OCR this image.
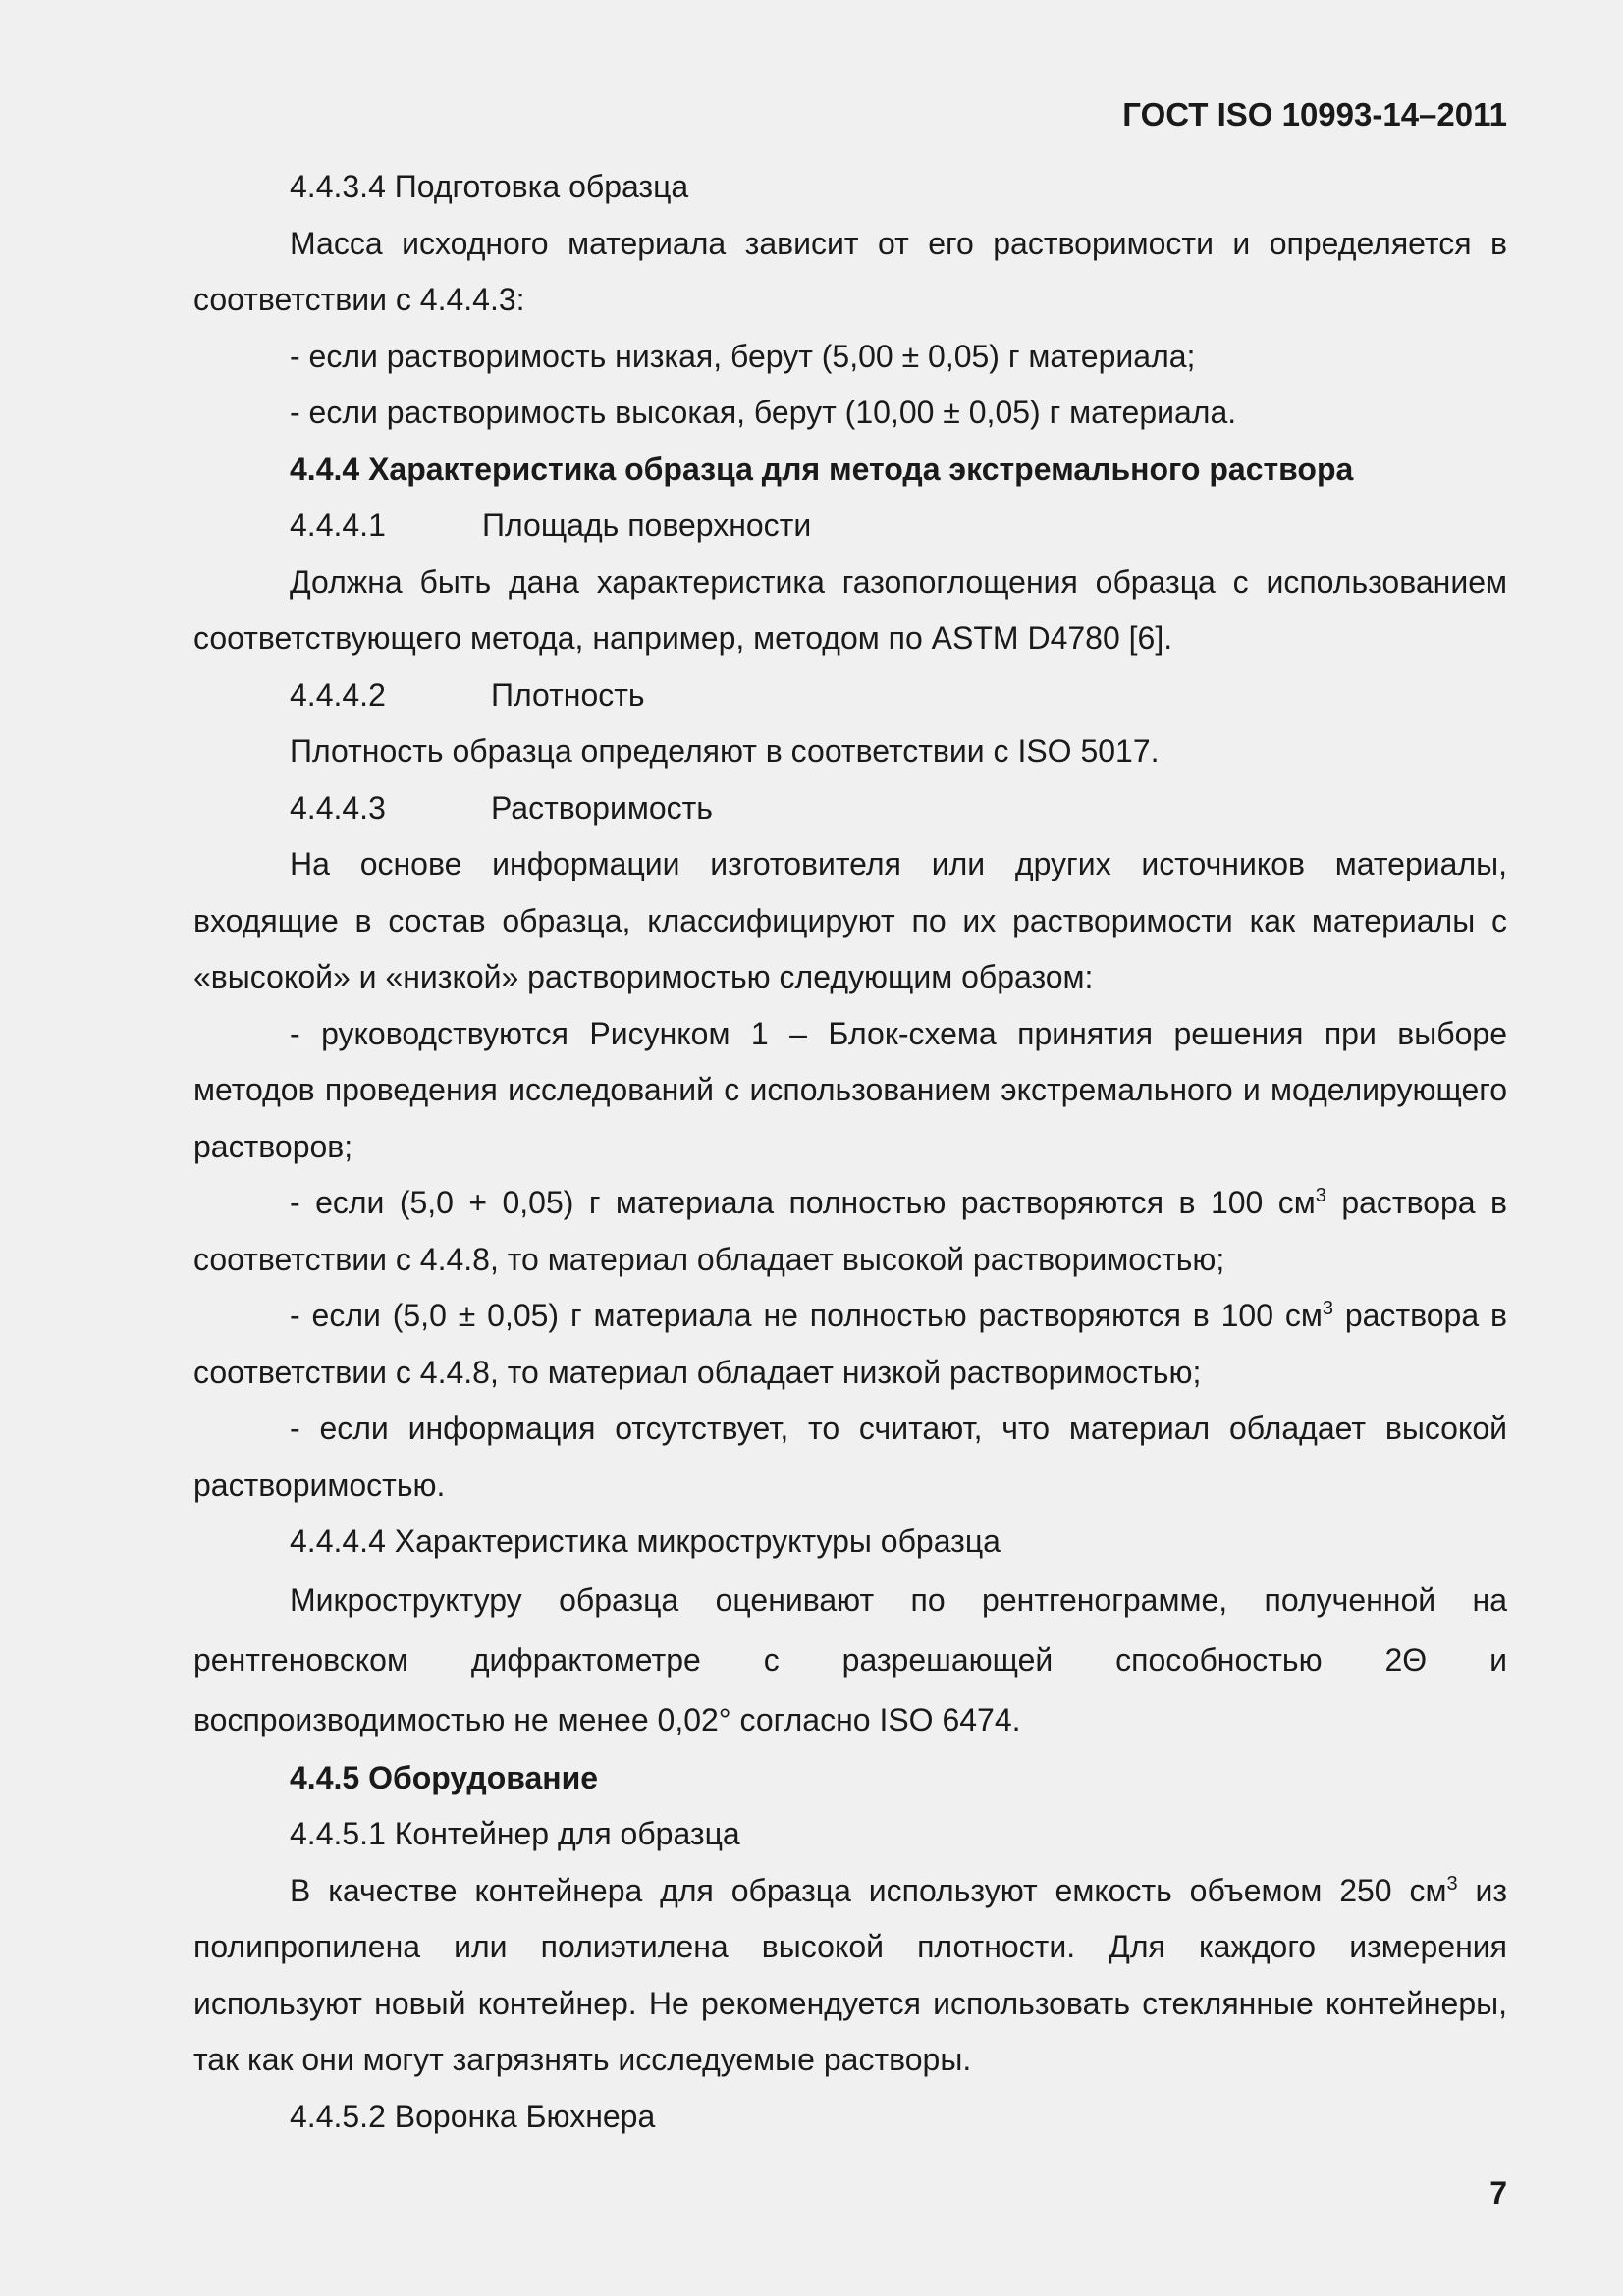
ГОСТ ISO 10993-14–2011

4.4.3.4 Подготовка образца

Масса исходного материала зависит от его растворимости и определяется в соответствии с 4.4.4.3:

- если растворимость низкая, берут (5,00 ± 0,05) г материала;

- если растворимость высокая, берут (10,00 ± 0,05) г материала.

4.4.4 Характеристика образца для метода экстремального раствора

4.4.4.1	Площадь поверхности

Должна быть дана характеристика газопоглощения образца с использованием соответствующего метода, например, методом по ASTM D4780 [6].

4.4.4.2	Плотность

Плотность образца определяют в соответствии с ISO 5017.

4.4.4.3	Растворимость

На основе информации изготовителя или других источников материалы, входящие в состав образца, классифицируют по их растворимости как материалы с «высокой» и «низкой» растворимостью следующим образом:

- руководствуются Рисунком 1 – Блок-схема принятия решения при выборе методов проведения исследований с использованием экстремального и моделирующего растворов;

- если (5,0 + 0,05) г материала полностью растворяются в 100 $см^3$ раствора в соответствии с 4.4.8, то материал обладает высокой растворимостью;

- если (5,0 ± 0,05) г материала не полностью растворяются в 100 $см^3$ раствора в соответствии с 4.4.8, то материал обладает низкой растворимостью;

- если информация отсутствует, то считают, что материал обладает высокой растворимостью.

4.4.4.4 Характеристика микроструктуры образца

Микроструктуру образца оценивают по рентгенограмме, полученной на рентгеновском дифрактометре с разрешающей способностью 2Θ и

воспроизводимостью не менее 0,02° согласно ISO 6474.

4.4.5 Оборудование

4.4.5.1 Контейнер для образца

В качестве контейнера для образца используют емкость объемом 250 $см^3$ из полипропилена или полиэтилена высокой плотности. Для каждого измерения используют новый контейнер. Не рекомендуется использовать стеклянные контейнеры, так как они могут загрязнять исследуемые растворы.

4.4.5.2 Воронка Бюхнера

7
